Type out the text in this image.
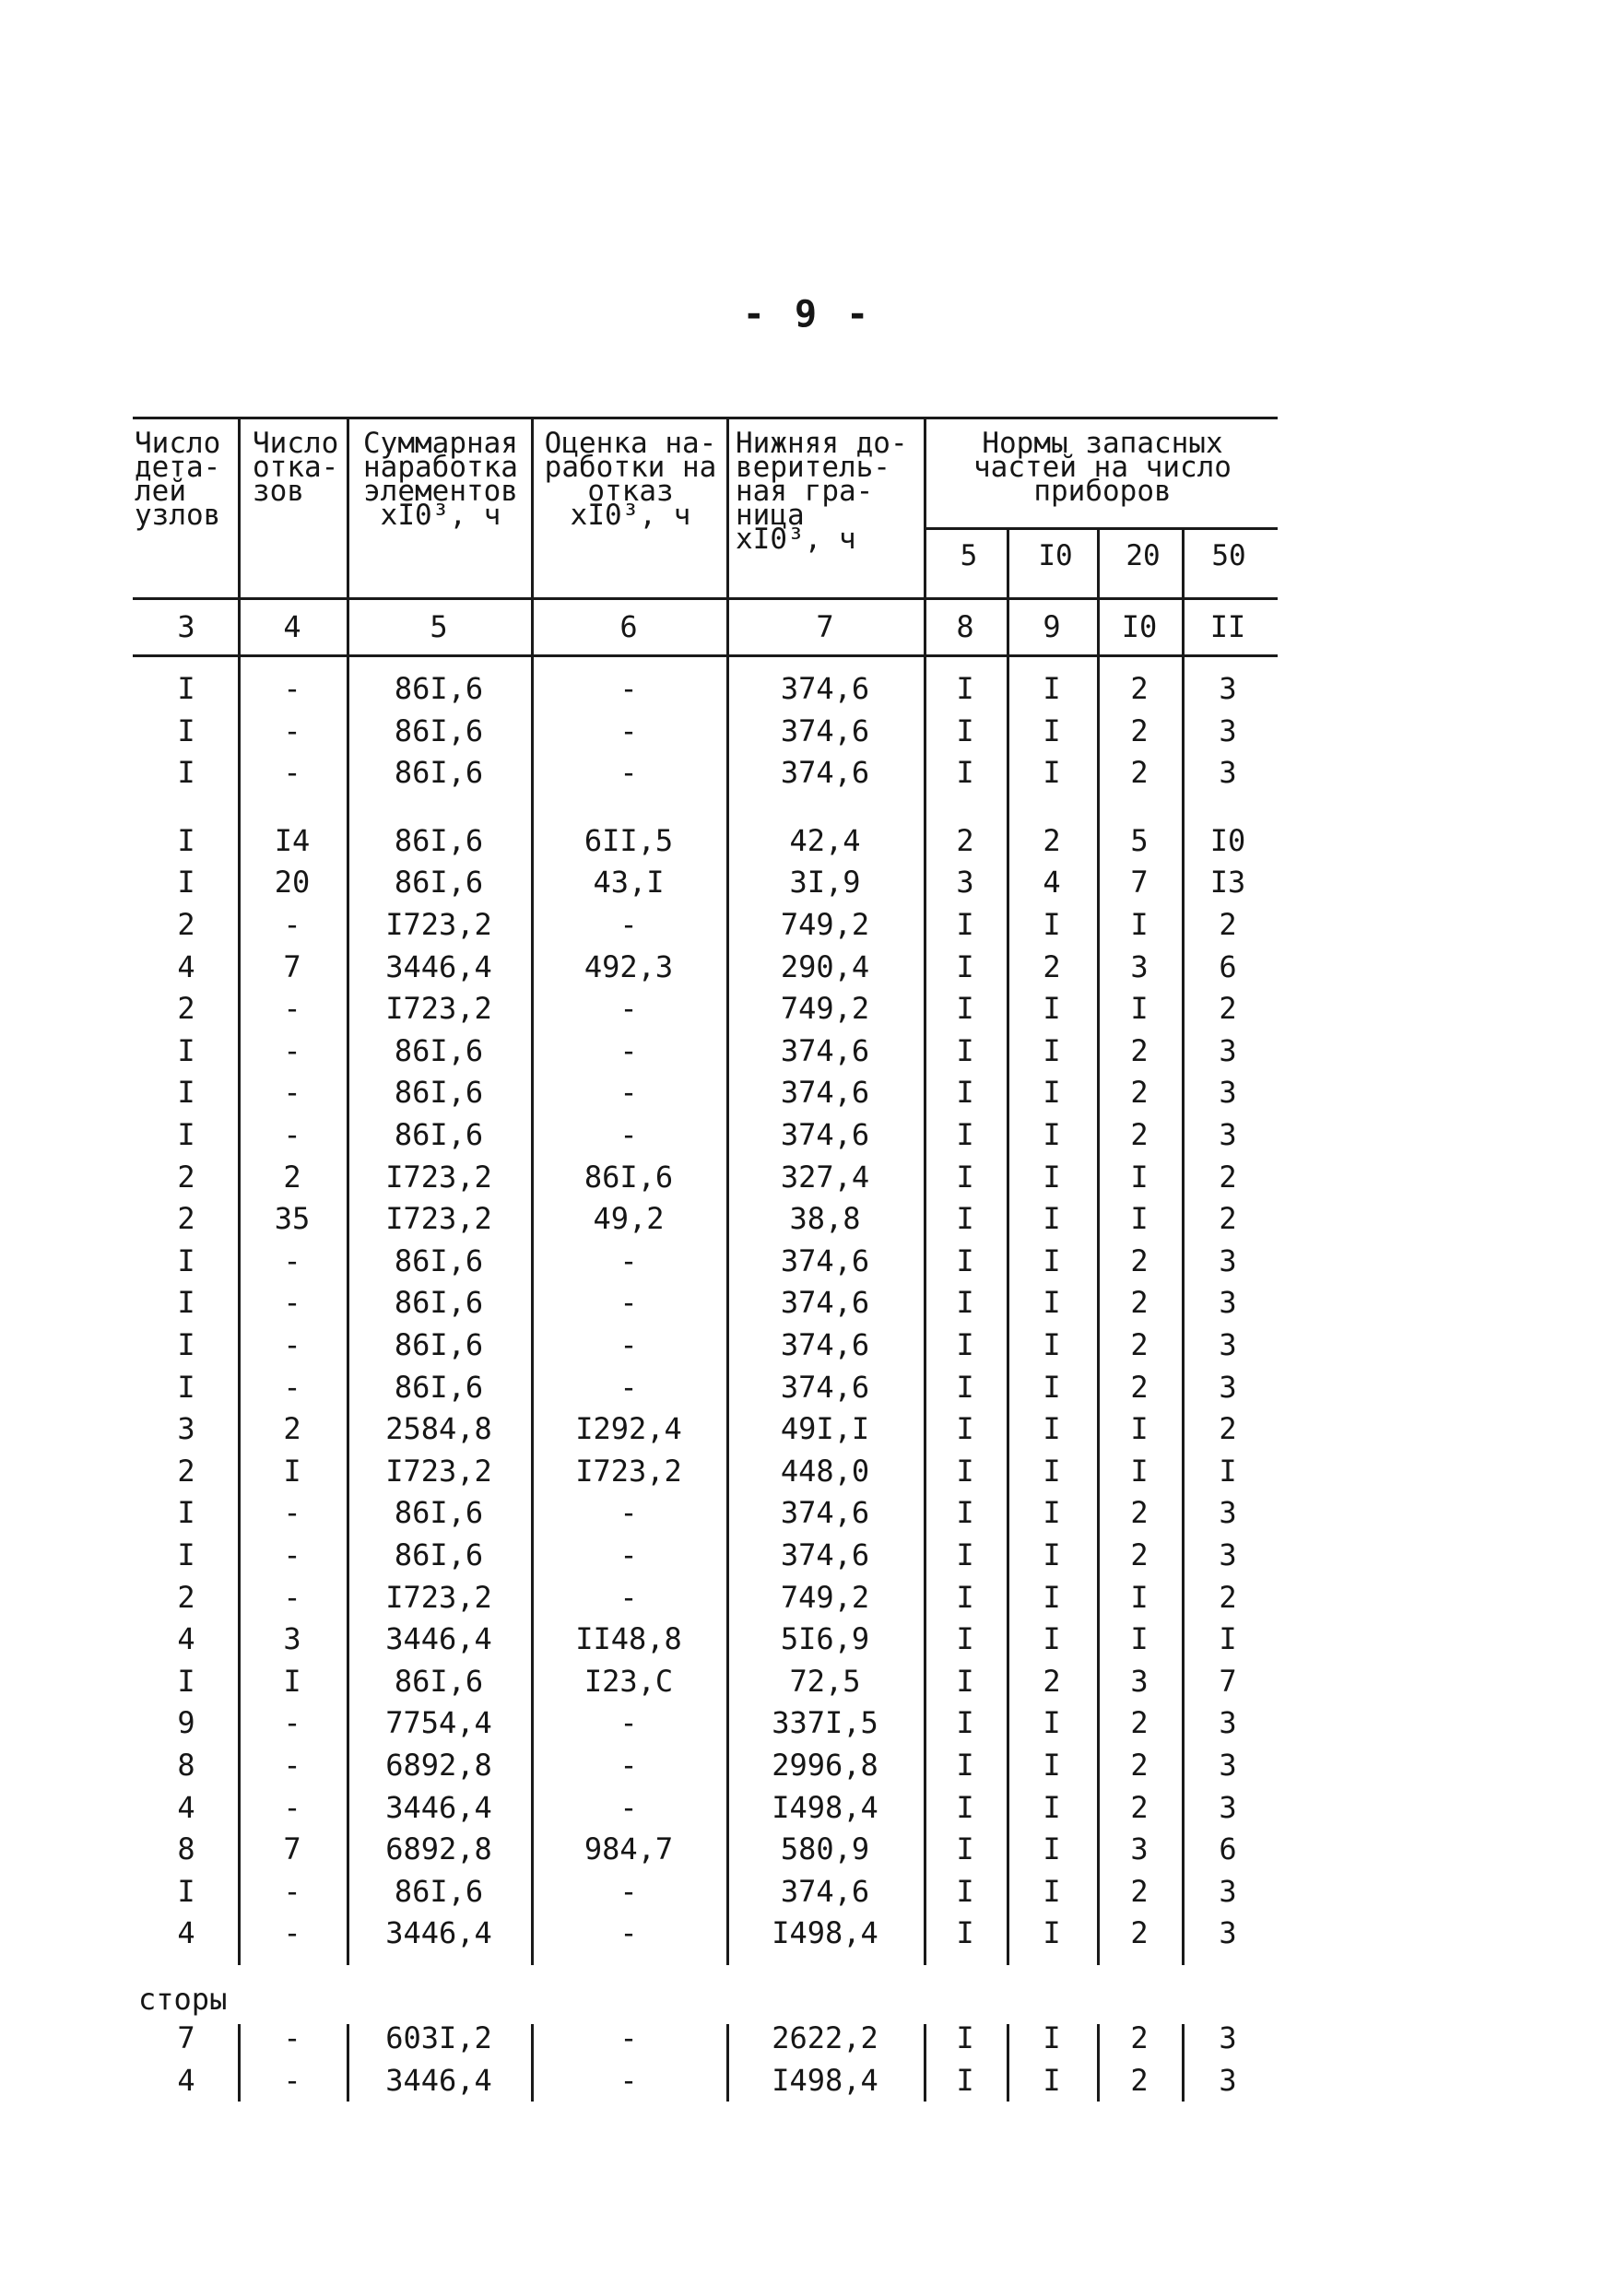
- 9 -
Число
дета-
лей
узлов
Число
отка-
зов
Суммарная
наработка
элементов
xI0³, ч
Оценка на-
работки на
отказ
xI0³, ч
Нижняя до-
веритель-
ная гра-
ница
xI0³, ч
Нормы запасных
частей на число
приборов
5	I0	20	50
3	4	5	6	7	8	9	I0	II
I	-	86I,6	-	374,6	I	I	2	3
I	-	86I,6	-	374,6	I	I	2	3
I	-	86I,6	-	374,6	I	I	2	3
I	I4	86I,6	6II,5	42,4	2	2	5	I0
I	20	86I,6	43,I	3I,9	3	4	7	I3
2	-	I723,2	-	749,2	I	I	I	2
4	7	3446,4	492,3	290,4	I	2	3	6
2	-	I723,2	-	749,2	I	I	I	2
I	-	86I,6	-	374,6	I	I	2	3
I	-	86I,6	-	374,6	I	I	2	3
I	-	86I,6	-	374,6	I	I	2	3
2	2	I723,2	86I,6	327,4	I	I	I	2
2	35	I723,2	49,2	38,8	I	I	I	2
I	-	86I,6	-	374,6	I	I	2	3
I	-	86I,6	-	374,6	I	I	2	3
I	-	86I,6	-	374,6	I	I	2	3
I	-	86I,6	-	374,6	I	I	2	3
3	2	2584,8	I292,4	49I,I	I	I	I	2
2	I	I723,2	I723,2	448,0	I	I	I	I
I	-	86I,6	-	374,6	I	I	2	3
I	-	86I,6	-	374,6	I	I	2	3
2	-	I723,2	-	749,2	I	I	I	2
4	3	3446,4	II48,8	5I6,9	I	I	I	I
I	I	86I,6	I23,C	72,5	I	2	3	7
9	-	7754,4	-	337I,5	I	I	2	3
8	-	6892,8	-	2996,8	I	I	2	3
4	-	3446,4	-	I498,4	I	I	2	3
8	7	6892,8	984,7	580,9	I	I	3	6
I	-	86I,6	-	374,6	I	I	2	3
4	-	3446,4	-	I498,4	I	I	2	3
сторы
7	-	603I,2	-	2622,2	I	I	2	3
4	-	3446,4	-	I498,4	I	I	2	3
